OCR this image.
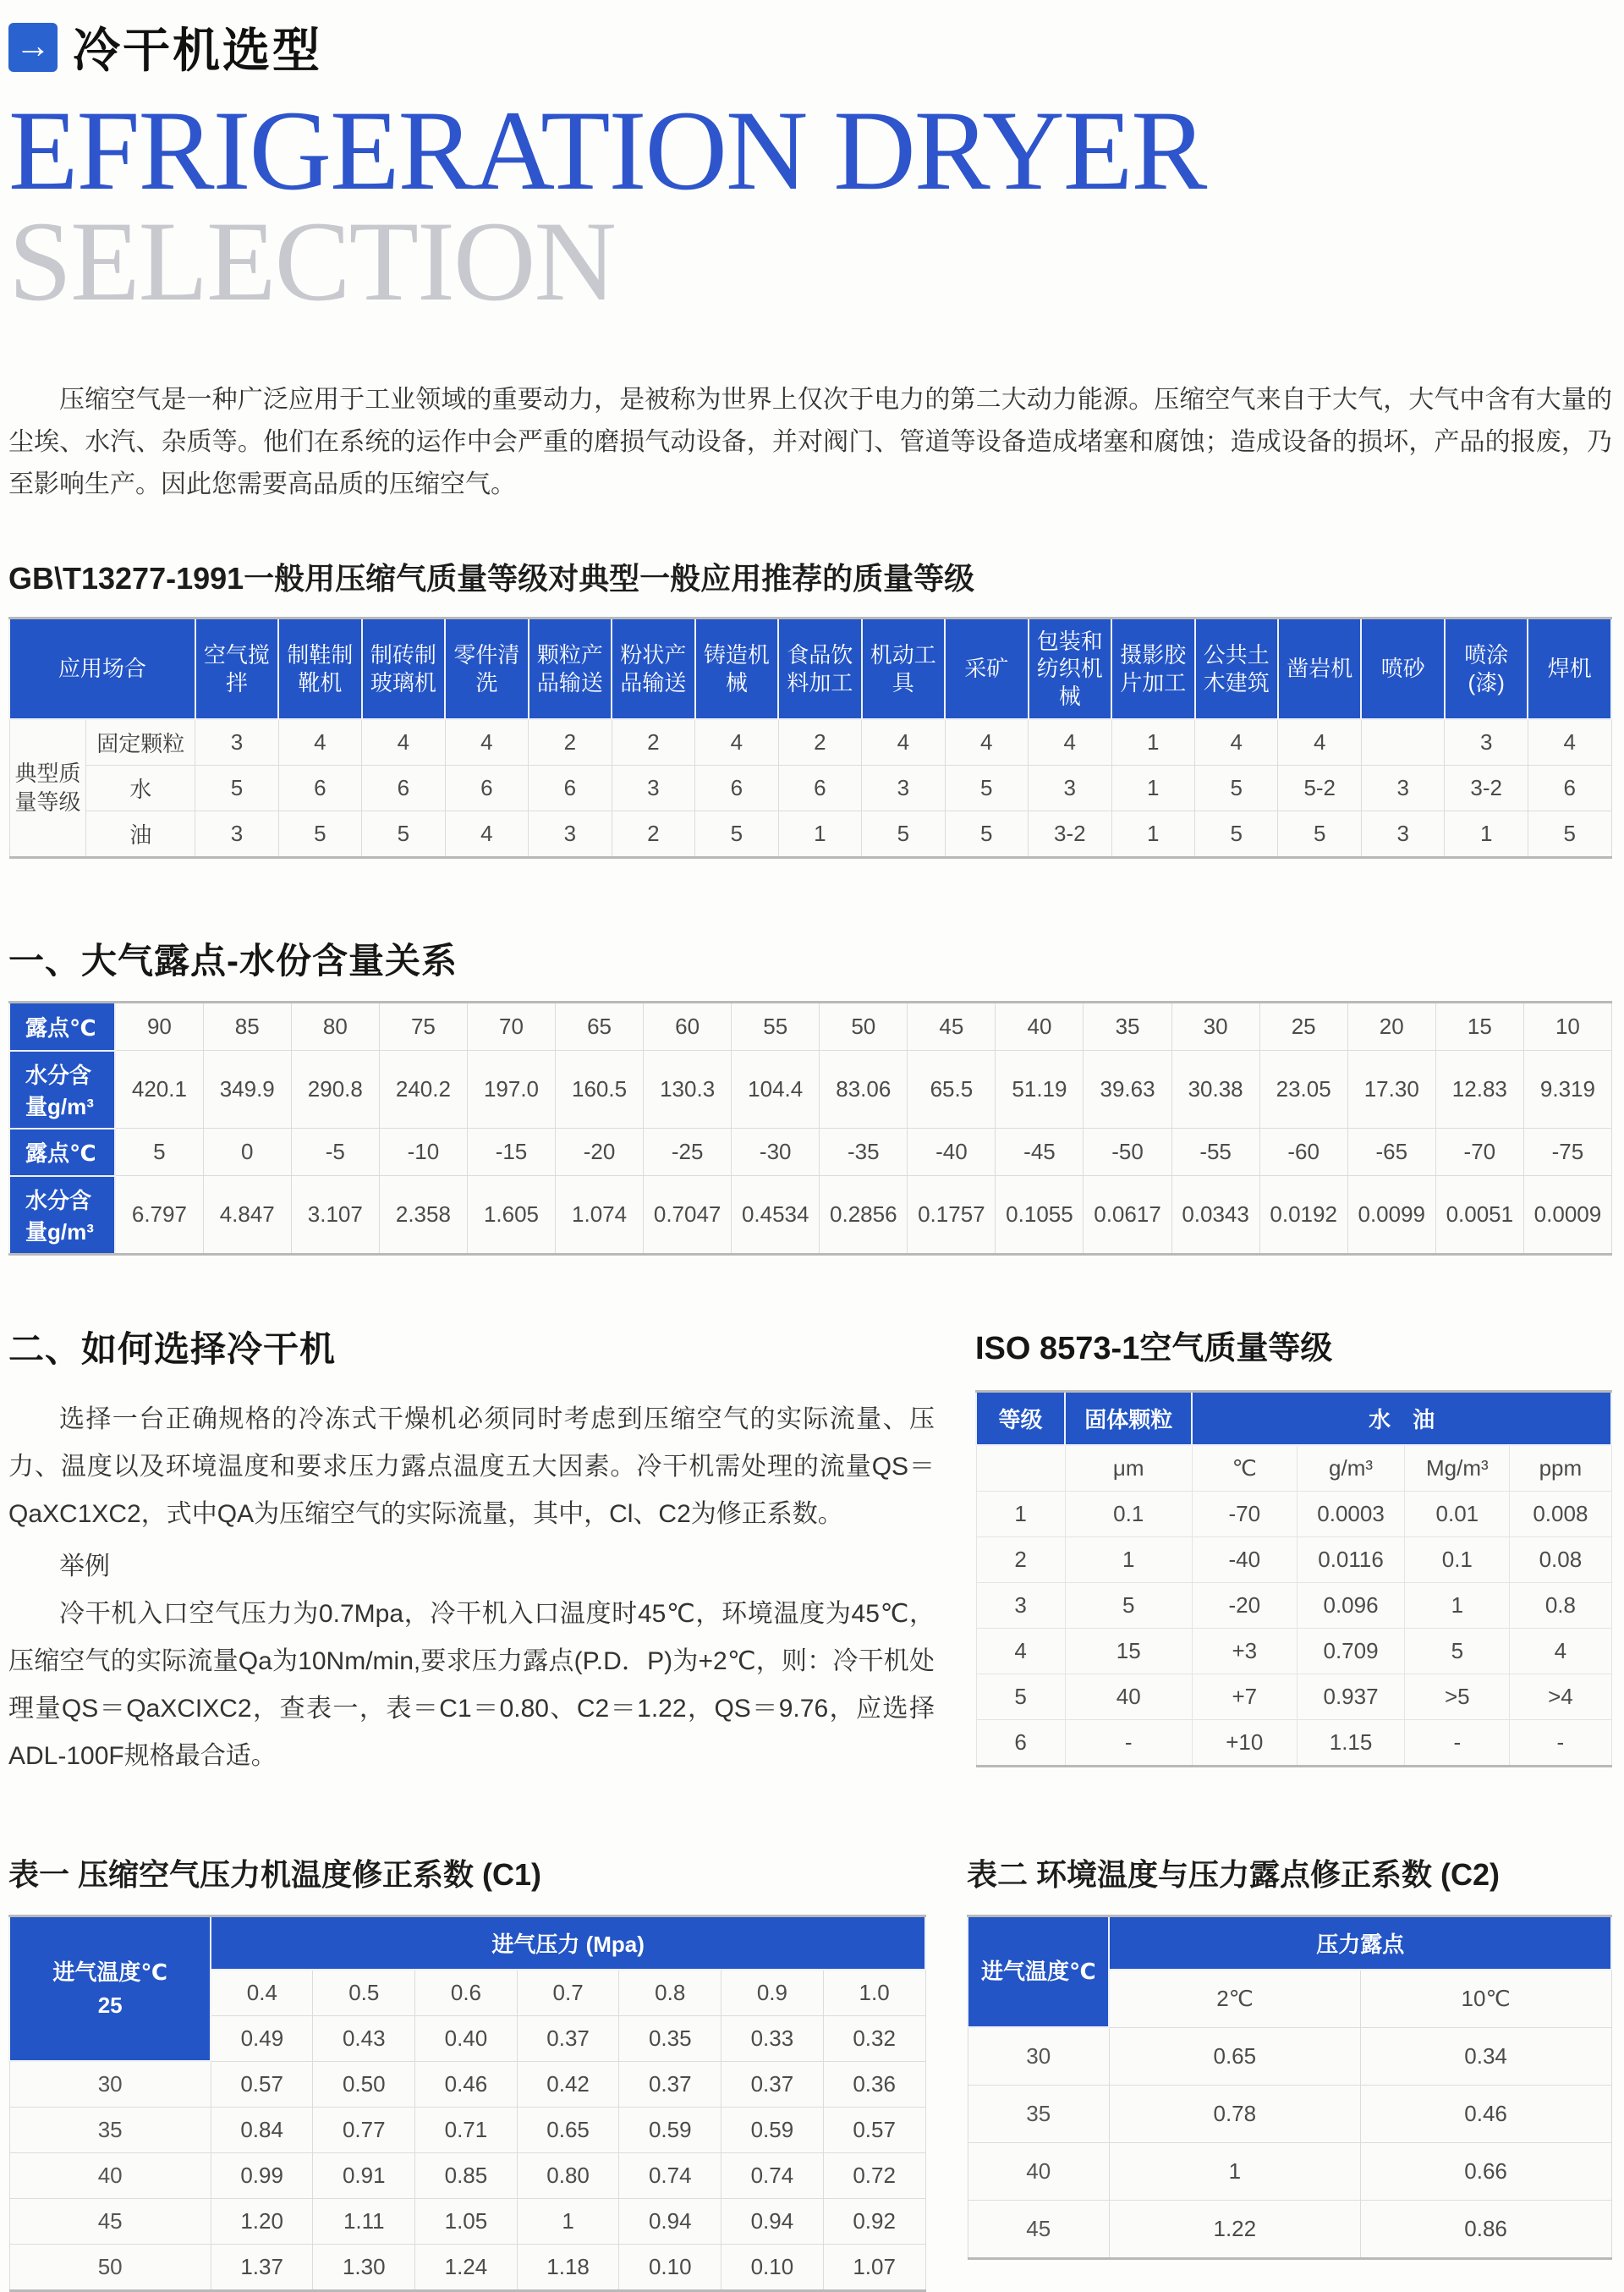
→ 冷干机选型
EFRIGERATION DRYER
SELECTION

压缩空气是一种广泛应用于工业领域的重要动力，是被称为世界上仅次于电力的第二大动力能源。压缩空气来自于大气，大气中含有大量的尘埃、水汽、杂质等。他们在系统的运作中会严重的磨损气动设备，并对阀门、管道等设备造成堵塞和腐蚀；造成设备的损坏，产品的报废，乃至影响生产。因此您需要高品质的压缩空气。

GB\T13277-1991一般用压缩气质量等级对典型一般应用推荐的质量等级
应用场合		空气搅拌	制鞋制靴机	制砖制玻璃机	零件清洗	颗粒产品输送	粉状产品输送	铸造机械	食品饮料加工	机动工具	采矿	包装和纺织机械	摄影胶片加工	公共土木建筑	凿岩机	喷砂	喷涂(漆)	焊机
典型质量等级	固定颗粒	3	4	4	4	2	2	4	2	4	4	4	1	4	4		3	4
	水	5	6	6	6	6	3	6	6	3	5	3	1	5	5-2	3	3-2	6
	油	3	5	5	4	3	2	5	1	5	5	3-2	1	5	5	3	1	5
一、大气露点-水份含量关系
露点℃	90	85	80	75	70	65	60	55	50	45	40	35	30	25	20	15	10
水分含量g/m³	420.1	349.9	290.8	240.2	197.0	160.5	130.3	104.4	83.06	65.5	51.19	39.63	30.38	23.05	17.30	12.83	9.319
露点℃	5	0	-5	-10	-15	-20	-25	-30	-35	-40	-45	-50	-55	-60	-65	-70	-75
水分含量g/m³	6.797	4.847	3.107	2.358	1.605	1.074	0.7047	0.4534	0.2856	0.1757	0.1055	0.0617	0.0343	0.0192	0.0099	0.0051	0.0009
二、如何选择冷干机

选择一台正确规格的冷冻式干燥机必须同时考虑到压缩空气的实际流量、压力、温度以及环境温度和要求压力露点温度五大因素。冷干机需处理的流量QS＝QaXC1XC2，式中QA为压缩空气的实际流量，其中，Cl、C2为修正系数。

举例

冷干机入口空气压力为0.7Mpa，冷干机入口温度时45℃，环境温度为45℃，压缩空气的实际流量Qa为10Nm/min,要求压力露点(P.D．P)为+2℃，则：冷干机处理量QS＝QaXCIXC2，查表一，表＝C1＝0.80、C2＝1.22，QS＝9.76，应选择ADL-100F规格最合适。

ISO 8573-1空气质量等级
等级	固体颗粒	水　油			
	μm	℃	g/m³	Mg/m³	ppm
1	0.1	-70	0.0003	0.01	0.008
2	1	-40	0.0116	0.1	0.08
3	5	-20	0.096	1	0.8
4	15	+3	0.709	5	4
5	40	+7	0.937	>5	>4
6	-	+10	1.15	-	-
表一 压缩空气压力机温度修正系数 (C1)
进气温度℃
25	进气压力 (Mpa)						
	0.4	0.5	0.6	0.7	0.8	0.9	1.0
	0.49	0.43	0.40	0.37	0.35	0.33	0.32
30	0.57	0.50	0.46	0.42	0.37	0.37	0.36
35	0.84	0.77	0.71	0.65	0.59	0.59	0.57
40	0.99	0.91	0.85	0.80	0.74	0.74	0.72
45	1.20	1.11	1.05	1	0.94	0.94	0.92
50	1.37	1.30	1.24	1.18	0.10	0.10	1.07
表二 环境温度与压力露点修正系数 (C2)
进气温度℃	压力露点	
	2℃	10℃
30	0.65	0.34
35	0.78	0.46
40	1	0.66
45	1.22	0.86
